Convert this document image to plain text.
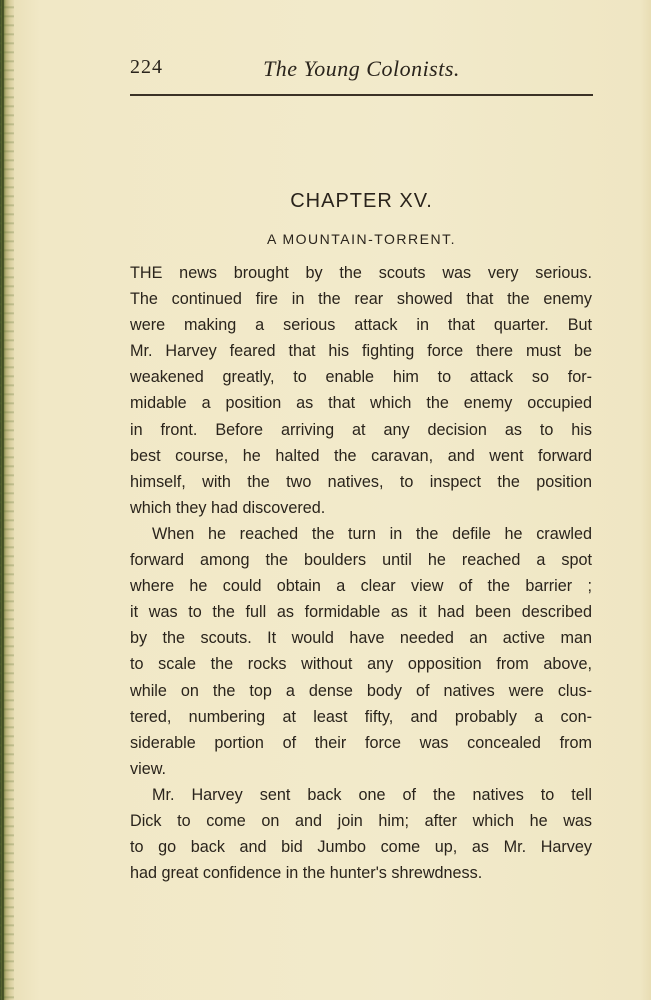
224	The Young Colonists.
CHAPTER XV.
A MOUNTAIN-TORRENT.
THE news brought by the scouts was very serious.
The continued fire in the rear showed that the enemy
were making a serious attack in that quarter. But
Mr. Harvey feared that his fighting force there must be
weakened greatly, to enable him to attack so for-
midable a position as that which the enemy occupied
in front. Before arriving at any decision as to his
best course, he halted the caravan, and went forward
himself, with the two natives, to inspect the position
which they had discovered.
When he reached the turn in the defile he crawled
forward among the boulders until he reached a spot
where he could obtain a clear view of the barrier ;
it was to the full as formidable as it had been described
by the scouts. It would have needed an active man
to scale the rocks without any opposition from above,
while on the top a dense body of natives were clus-
tered, numbering at least fifty, and probably a con-
siderable portion of their force was concealed from
view.
Mr. Harvey sent back one of the natives to tell
Dick to come on and join him; after which he was
to go back and bid Jumbo come up, as Mr. Harvey
had great confidence in the hunter's shrewdness.
